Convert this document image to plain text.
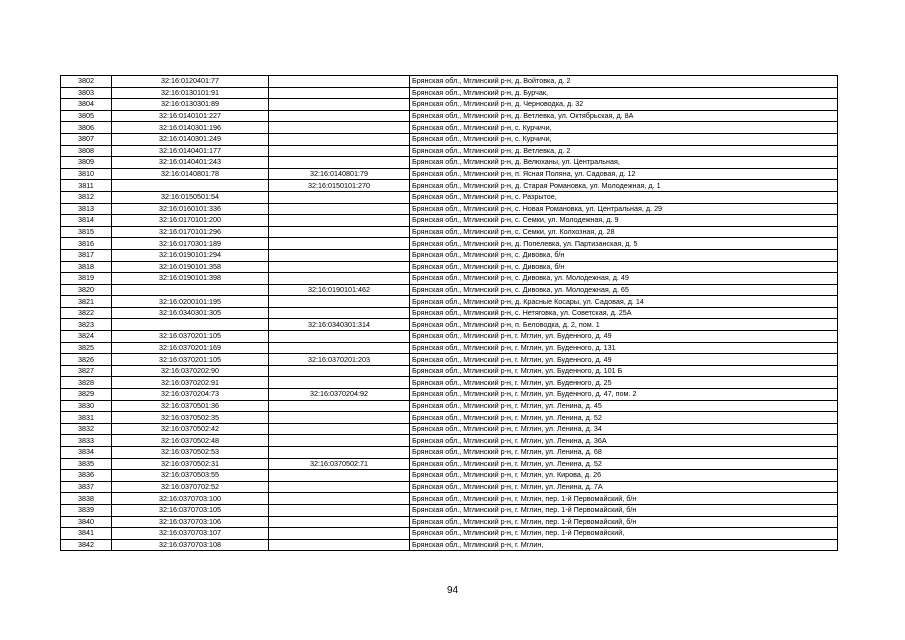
3802	32:16:0120401:77		Брянская обл., Мглинский р-н, д. Войтовка, д. 2
3803	32:16:0130101:91		Брянская обл., Мглинский р-н, д. Бурчак,
3804	32:16:0130301:89		Брянская обл., Мглинский р-н, д. Черноводка, д. 32
3805	32:16:0140101:227		Брянская обл., Мглинский р-н, д. Ветлевка, ул. Октябрьская, д. 8А
3806	32:16:0140301:196		Брянская обл., Мглинский р-н, с. Курчичи,
3807	32:16:0140301:249		Брянская обл., Мглинский р-н, с. Курчичи,
3808	32:16:0140401:177		Брянская обл., Мглинский р-н, д. Ветлевка, д. 2
3809	32:16:0140401:243		Брянская обл., Мглинский р-н, д. Велюханы, ул. Центральная,
3810	32:16:0140801:78	32:16:0140801:79	Брянская обл., Мглинский р-н, п. Ясная Поляна, ул. Садовая, д. 12
3811		32:16:0150101:270	Брянская обл., Мглинский р-н, д. Старая Романовка, ул. Молодежная, д. 1
3812	32:16:0150501:54		Брянская обл., Мглинский р-н, с. Разрытое,
3813	32:16:0160101:336		Брянская обл., Мглинский р-н, с. Новая Романовка, ул. Центральная, д. 29
3814	32:16:0170101:200		Брянская обл., Мглинский р-н, с. Семки, ул. Молодежная, д. 9
3815	32:16:0170101:296		Брянская обл., Мглинский р-н, с. Семки, ул. Колхозная, д. 28
3816	32:16:0170301:189		Брянская обл., Мглинский р-н, д. Попелевка, ул. Партизанская, д. 5
3817	32:16:0190101:294		Брянская обл., Мглинский р-н, с. Дивовка, б/н
3818	32:16:0190101:358		Брянская обл., Мглинский р-н, с. Дивовка, б/н
3819	32:16:0190101:398		Брянская обл., Мглинский р-н, с. Дивовка, ул. Молодежная, д. 49
3820		32:16:0190101:462	Брянская обл., Мглинский р-н, с. Дивовка, ул. Молодежная, д. 65
3821	32:16:0200101:195		Брянская обл., Мглинский р-н, д. Красные Косары, ул. Садовая, д. 14
3822	32:16:0340301:305		Брянская обл., Мглинский р-н, с. Нетяговка, ул. Советская, д. 25А
3823		32:16:0340301:314	Брянская обл., Мглинский р-н, п. Беловодка, д. 2, пом. 1
3824	32:16:0370201:105		Брянская обл., Мглинский р-н, г. Мглин, ул. Буденного, д. 49
3825	32:16:0370201:169		Брянская обл., Мглинский р-н, г. Мглин, ул. Буденного, д. 131
3826	32:16:0370201:105	32:16:0370201:203	Брянская обл., Мглинский р-н, г. Мглин, ул. Буденного, д. 49
3827	32:16:0370202:90		Брянская обл., Мглинский р-н, г. Мглин, ул. Буденного, д. 101 Б
3828	32:16:0370202:91		Брянская обл., Мглинский р-н, г. Мглин, ул. Буденного, д. 25
3829	32:16:0370204:73	32:16:0370204:92	Брянская обл., Мглинский р-н, г. Мглин, ул. Буденного, д. 47, пом. 2
3830	32:16:0370501:36		Брянская обл., Мглинский р-н, г. Мглин, ул. Ленина, д. 45
3831	32:16:0370502:35		Брянская обл., Мглинский р-н, г. Мглин, ул. Ленина, д. 52
3832	32:16:0370502:42		Брянская обл., Мглинский р-н, г. Мглин, ул. Ленина, д. 34
3833	32:16:0370502:48		Брянская обл., Мглинский р-н, г. Мглин, ул. Ленина, д. 36А
3834	32:16:0370502:53		Брянская обл., Мглинский р-н, г. Мглин, ул. Ленина, д. 68
3835	32:16:0370502:31	32:16:0370502:71	Брянская обл., Мглинский р-н, г. Мглин, ул. Ленина, д. 52
3836	32:16:0370503:55		Брянская обл., Мглинский р-н, г. Мглин, ул. Кирова, д. 26
3837	32:16:0370702:52		Брянская обл., Мглинский р-н, г. Мглин, ул. Ленина, д. 7А
3838	32:16:0370703:100		Брянская обл., Мглинский р-н, г. Мглин, пер. 1-й Первомайский, б/н
3839	32:16:0370703:105		Брянская обл., Мглинский р-н, г. Мглин, пер. 1-й Первомайский, б/н
3840	32:16:0370703:106		Брянская обл., Мглинский р-н, г. Мглин, пер. 1-й Первомайский, б/н
3841	32:16:0370703:107		Брянская обл., Мглинский р-н, г. Мглин, пер. 1-й Первомайский,
3842	32:16:0370703:108		Брянская обл., Мглинский р-н, г. Мглин,
94
